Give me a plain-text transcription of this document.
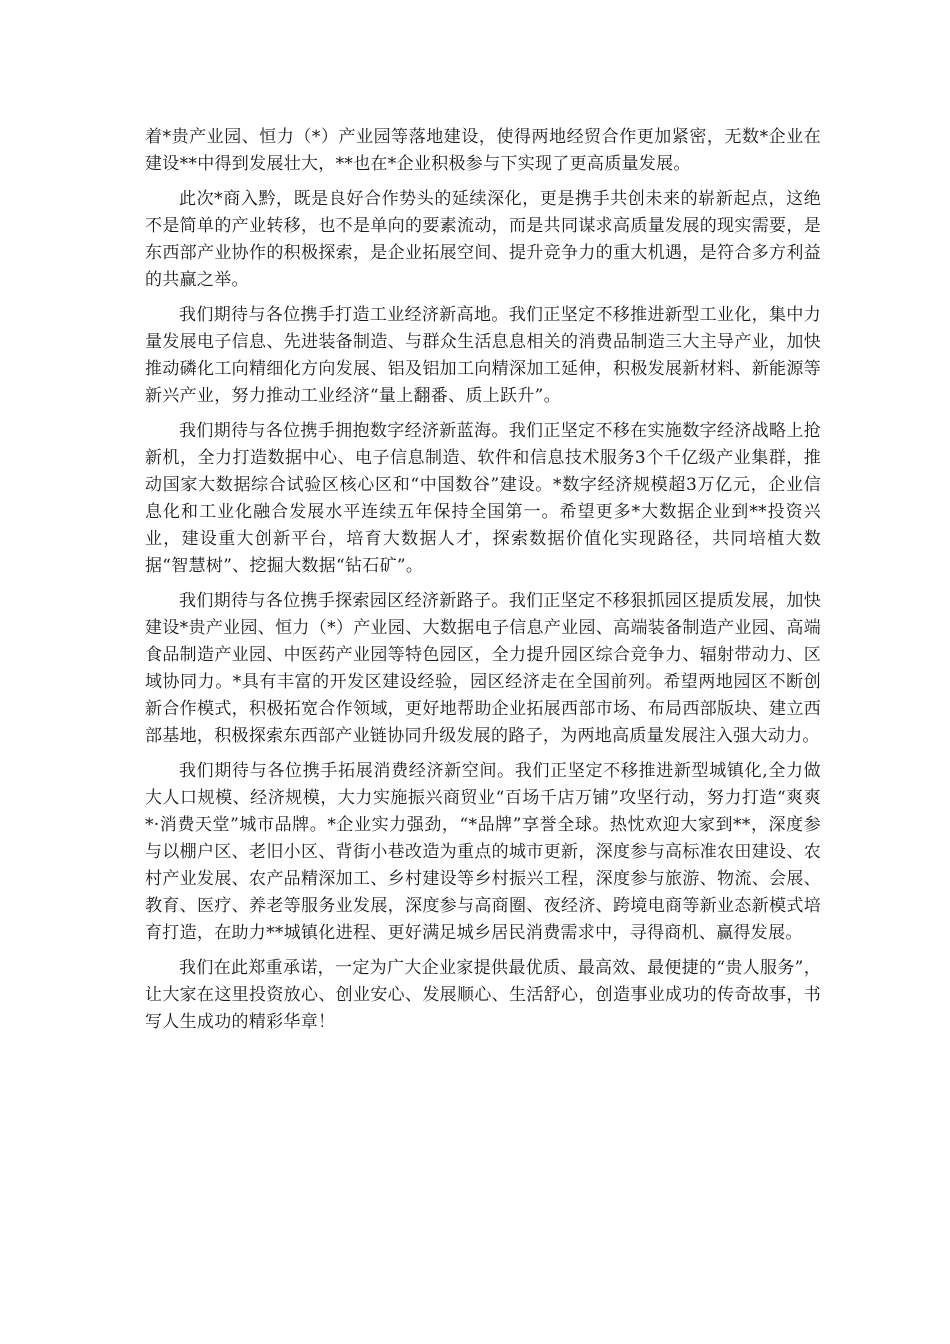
着*贵产业园、恒力（*）产业园等落地建设，使得两地经贸合作更加紧密，无数*企业在建设**中得到发展壮大，**也在*企业积极参与下实现了更高质量发展。

此次*商入黔，既是良好合作势头的延续深化，更是携手共创未来的崭新起点，这绝不是简单的产业转移，也不是单向的要素流动，而是共同谋求高质量发展的现实需要，是东西部产业协作的积极探索，是企业拓展空间、提升竞争力的重大机遇，是符合多方利益的共赢之举。

我们期待与各位携手打造工业经济新高地。我们正坚定不移推进新型工业化，集中力量发展电子信息、先进装备制造、与群众生活息息相关的消费品制造三大主导产业，加快推动磷化工向精细化方向发展、铝及铝加工向精深加工延伸，积极发展新材料、新能源等新兴产业，努力推动工业经济“量上翻番、质上跃升”。

我们期待与各位携手拥抱数字经济新蓝海。我们正坚定不移在实施数字经济战略上抢新机，全力打造数据中心、电子信息制造、软件和信息技术服务3个千亿级产业集群，推动国家大数据综合试验区核心区和“中国数谷”建设。*数字经济规模超3万亿元，企业信息化和工业化融合发展水平连续五年保持全国第一。希望更多*大数据企业到**投资兴业，建设重大创新平台，培育大数据人才，探索数据价值化实现路径，共同培植大数据“智慧树”、挖掘大数据“钻石矿”。

我们期待与各位携手探索园区经济新路子。我们正坚定不移狠抓园区提质发展，加快建设*贵产业园、恒力（*）产业园、大数据电子信息产业园、高端装备制造产业园、高端食品制造产业园、中医药产业园等特色园区，全力提升园区综合竞争力、辐射带动力、区域协同力。*具有丰富的开发区建设经验，园区经济走在全国前列。希望两地园区不断创新合作模式，积极拓宽合作领域，更好地帮助企业拓展西部市场、布局西部版块、建立西部基地，积极探索东西部产业链协同升级发展的路子，为两地高质量发展注入强大动力。

我们期待与各位携手拓展消费经济新空间。我们正坚定不移推进新型城镇化,全力做大人口规模、经济规模，大力实施振兴商贸业“百场千店万铺”攻坚行动，努力打造“爽爽*·消费天堂”城市品牌。*企业实力强劲，“*品牌”享誉全球。热忱欢迎大家到**，深度参与以棚户区、老旧小区、背街小巷改造为重点的城市更新，深度参与高标准农田建设、农村产业发展、农产品精深加工、乡村建设等乡村振兴工程，深度参与旅游、物流、会展、教育、医疗、养老等服务业发展，深度参与高商圈、夜经济、跨境电商等新业态新模式培育打造，在助力**城镇化进程、更好满足城乡居民消费需求中，寻得商机、赢得发展。

我们在此郑重承诺，一定为广大企业家提供最优质、最高效、最便捷的“贵人服务”，让大家在这里投资放心、创业安心、发展顺心、生活舒心，创造事业成功的传奇故事，书写人生成功的精彩华章！
